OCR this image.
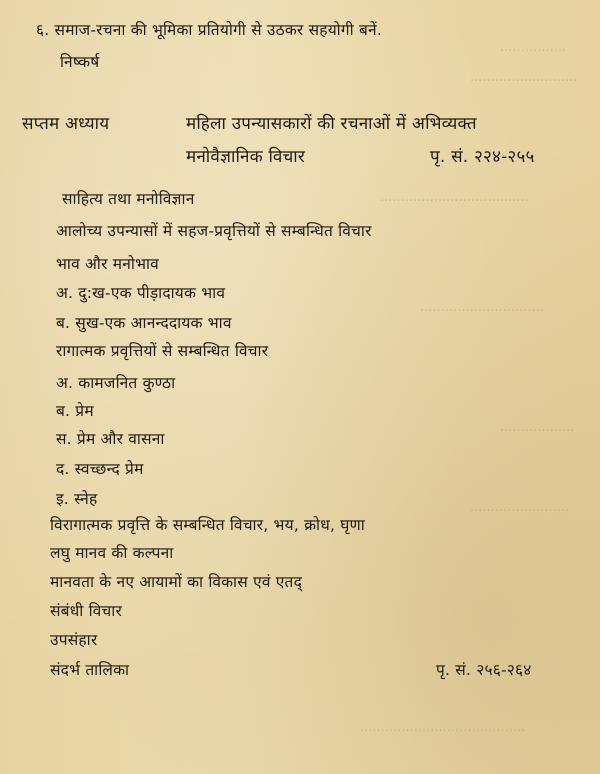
................
..........................
....................................
..............................
..................
........................
........................................
६. समाज-रचना की भूमिका प्रतियोगी से उठकर सहयोगी बनें.
निष्कर्ष
सप्तम अध्याय	महिला उपन्यासकारों की रचनाओं में अभिव्यक्त
मनोवैज्ञानिक विचार	पृ. सं. २२४-२५५
साहित्य तथा मनोविज्ञान
आलोच्य उपन्यासों में सहज-प्रवृत्तियों से सम्बन्धित विचार
भाव और मनोभाव
अ. दु:ख-एक पीड़ादायक भाव
ब. सुख-एक आनन्ददायक भाव
रागात्मक प्रवृत्तियों से सम्बन्धित विचार
अ. कामजनित कुण्ठा
ब. प्रेम
स. प्रेम और वासना
द. स्वच्छन्द प्रेम
इ. स्नेह
विरागात्मक प्रवृत्ति के सम्बन्धित विचार, भय, क्रोध, घृणा
लघु मानव की कल्पना
मानवता के नए आयामों का विकास एवं एतद्
संबंधी विचार
उपसंहार
संदर्भ तालिका	पृ. सं. २५६-२६४
